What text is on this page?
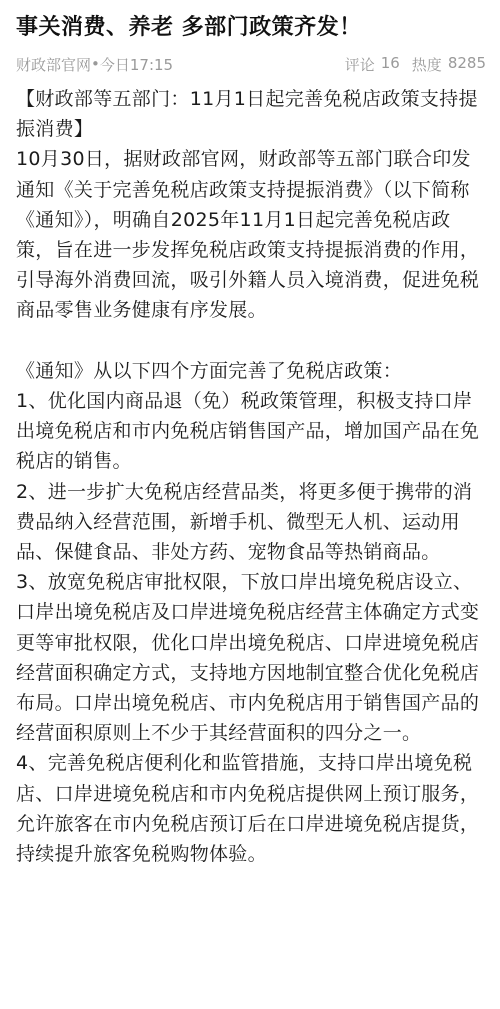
事关消费、养老 多部门政策齐发！
财政部官网 • 今日17:15	评论 16 热度 8285

【财政部等五部门：11月1日起完善免税店政策支持提振消费】

10月30日，据财政部官网，财政部等五部门联合印发通知《关于完善免税店政策支持提振消费》（以下简称《通知》），明确自2025年11月1日起完善免税店政策，旨在进一步发挥免税店政策支持提振消费的作用，引导海外消费回流，吸引外籍人员入境消费，促进免税商品零售业务健康有序发展。

《通知》从以下四个方面完善了免税店政策：

1、优化国内商品退（免）税政策管理，积极支持口岸出境免税店和市内免税店销售国产品，增加国产品在免税店的销售。

2、进一步扩大免税店经营品类，将更多便于携带的消费品纳入经营范围，新增手机、微型无人机、运动用品、保健食品、非处方药、宠物食品等热销商品。

3、放宽免税店审批权限，下放口岸出境免税店设立、口岸出境免税店及口岸进境免税店经营主体确定方式变更等审批权限，优化口岸出境免税店、口岸进境免税店经营面积确定方式，支持地方因地制宜整合优化免税店布局。口岸出境免税店、市内免税店用于销售国产品的经营面积原则上不少于其经营面积的四分之一。

4、完善免税店便利化和监管措施，支持口岸出境免税店、口岸进境免税店和市内免税店提供网上预订服务，允许旅客在市内免税店预订后在口岸进境免税店提货，持续提升旅客免税购物体验。
